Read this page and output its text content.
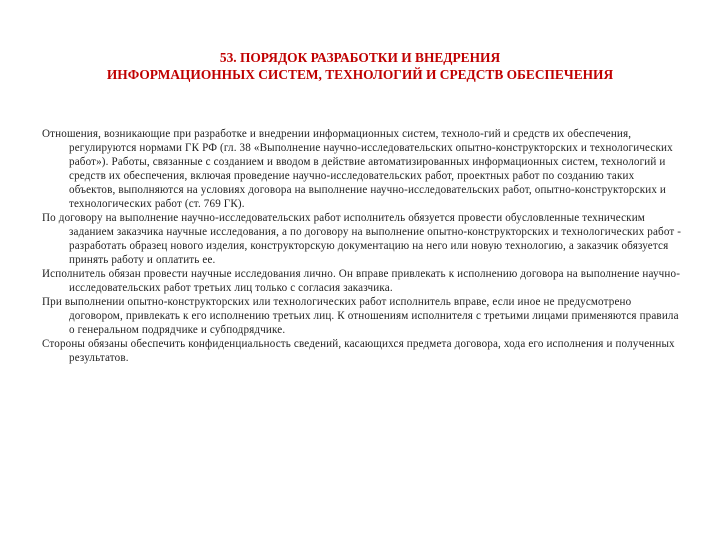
53. ПОРЯДОК РАЗРАБОТКИ И ВНЕДРЕНИЯ
ИНФОРМАЦИОННЫХ СИСТЕМ, ТЕХНОЛОГИЙ И СРЕДСТВ ОБЕСПЕЧЕНИЯ

Отношения, возникающие при разработке и внедрении информационных систем, техноло-гий и средств их обеспечения, регулируются нормами ГК РФ (гл. 38 «Выполнение научно-исследовательских опытно-конструкторских и технологических работ»). Работы, связанные с созданием и вводом в действие автоматизированных информационных систем, технологий и средств их обеспечения, включая проведение научно-исследовательских работ, проектных работ по созданию таких объектов, выполняются на условиях договора на выполнение научно-исследовательских работ, опытно-конструкторских и технологических работ (ст. 769 ГК).

По договору на выполнение научно-исследовательских работ исполнитель обязуется провести обусловленные техническим заданием заказчика научные исследования, а по договору на выполнение опытно-конструкторских и технологических работ - разработать образец нового изделия, конструкторскую документацию на него или новую технологию, а заказчик обязуется принять работу и оплатить ее.

Исполнитель обязан провести научные исследования лично. Он вправе привлекать к исполнению договора на выполнение научно-исследовательских работ третьих лиц только с согласия заказчика.

При выполнении опытно-конструкторских или технологических работ исполнитель вправе, если иное не предусмотрено договором, привлекать к его исполнению третьих лиц. К отношениям исполнителя с третьими лицами применяются правила о генеральном подрядчике и субподрядчике.

Стороны обязаны обеспечить конфиденциальность сведений, касающихся предмета договора, хода его исполнения и полученных результатов.
